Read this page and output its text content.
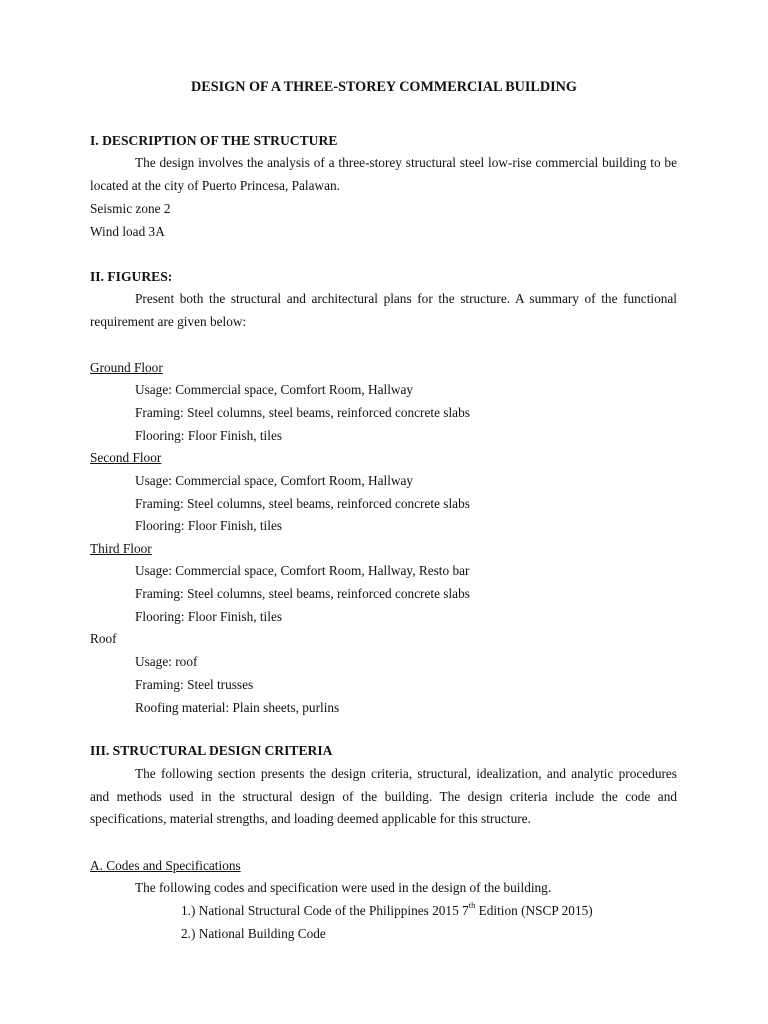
DESIGN OF A THREE-STOREY COMMERCIAL BUILDING
I. DESCRIPTION OF THE STRUCTURE
The design involves the analysis of a three-storey structural steel low-rise commercial building to be located at the city of Puerto Princesa, Palawan.
Seismic zone 2
Wind load 3A
II. FIGURES:
Present both the structural and architectural plans for the structure. A summary of the functional requirement are given below:
Ground Floor
Usage: Commercial space, Comfort Room, Hallway
Framing: Steel columns, steel beams, reinforced concrete slabs
Flooring: Floor Finish, tiles
Second Floor
Usage: Commercial space, Comfort Room, Hallway
Framing: Steel columns, steel beams, reinforced concrete slabs
Flooring: Floor Finish, tiles
Third Floor
Usage: Commercial space, Comfort Room, Hallway, Resto bar
Framing: Steel columns, steel beams, reinforced concrete slabs
Flooring: Floor Finish, tiles
Roof
Usage: roof
Framing: Steel trusses
Roofing material: Plain sheets, purlins
III. STRUCTURAL DESIGN CRITERIA
The following section presents the design criteria, structural, idealization, and analytic procedures and methods used in the structural design of the building. The design criteria include the code and specifications, material strengths, and loading deemed applicable for this structure.
A. Codes and Specifications
The following codes and specification were used in the design of the building.
1.) National Structural Code of the Philippines 2015 7th Edition (NSCP 2015)
2.) National Building Code
